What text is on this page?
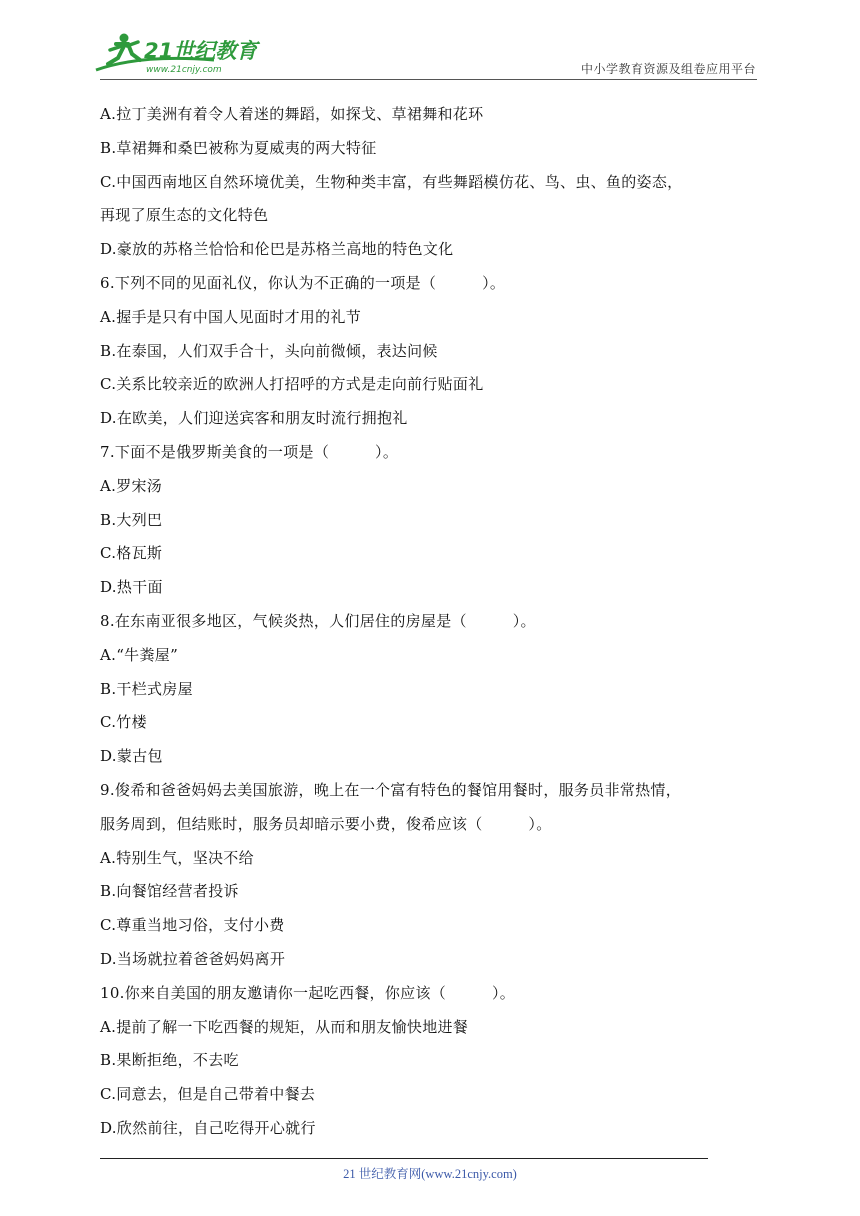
21世纪教育
www.21cnjy.com	中小学教育资源及组卷应用平台
A.拉丁美洲有着令人着迷的舞蹈，如探戈、草裙舞和花环
B.草裙舞和桑巴被称为夏威夷的两大特征
C.中国西南地区自然环境优美，生物种类丰富，有些舞蹈模仿花、鸟、虫、鱼的姿态，
再现了原生态的文化特色
D.豪放的苏格兰恰恰和伦巴是苏格兰高地的特色文化
6.下列不同的见面礼仪，你认为不正确的一项是（　　　）。
A.握手是只有中国人见面时才用的礼节
B.在泰国，人们双手合十，头向前微倾，表达问候
C.关系比较亲近的欧洲人打招呼的方式是走向前行贴面礼
D.在欧美，人们迎送宾客和朋友时流行拥抱礼
7.下面不是俄罗斯美食的一项是（　　　）。
A.罗宋汤
B.大列巴
C.格瓦斯
D.热干面
8.在东南亚很多地区，气候炎热，人们居住的房屋是（　　　）。
A.“牛粪屋”
B.干栏式房屋
C.竹楼
D.蒙古包
9.俊希和爸爸妈妈去美国旅游，晚上在一个富有特色的餐馆用餐时，服务员非常热情，
服务周到，但结账时，服务员却暗示要小费，俊希应该（　　　）。
A.特别生气，坚决不给
B.向餐馆经营者投诉
C.尊重当地习俗，支付小费
D.当场就拉着爸爸妈妈离开
10.你来自美国的朋友邀请你一起吃西餐，你应该（　　　）。
A.提前了解一下吃西餐的规矩，从而和朋友愉快地进餐
B.果断拒绝，不去吃
C.同意去，但是自己带着中餐去
D.欣然前往，自己吃得开心就行
21 世纪教育网(www.21cnjy.com)
